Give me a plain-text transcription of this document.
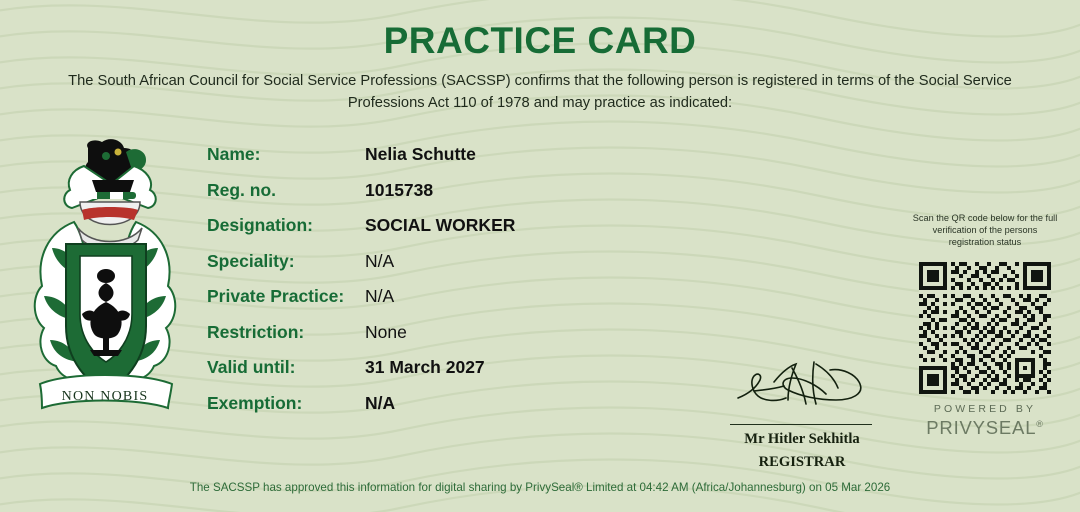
PRACTICE CARD
The South African Council for Social Service Professions (SACSSP) confirms that the following person is registered in terms of the Social Service Professions Act 110 of 1978 and may practice as indicated:
NON NOBIS
Name:	Nelia Schutte
Reg. no.	1015738
Designation:	SOCIAL WORKER
Speciality:	N/A
Private Practice:	N/A
Restriction:	None
Valid until:	31 March 2027
Exemption:	N/A
Scan the QR code below for the full verification of the persons registration status
POWERED BY
PRIVYSEAL®
Mr Hitler Sekhitla
REGISTRAR
The SACSSP has approved this information for digital sharing by PrivySeal® Limited at 04:42 AM (Africa/Johannesburg) on 05 Mar 2026
